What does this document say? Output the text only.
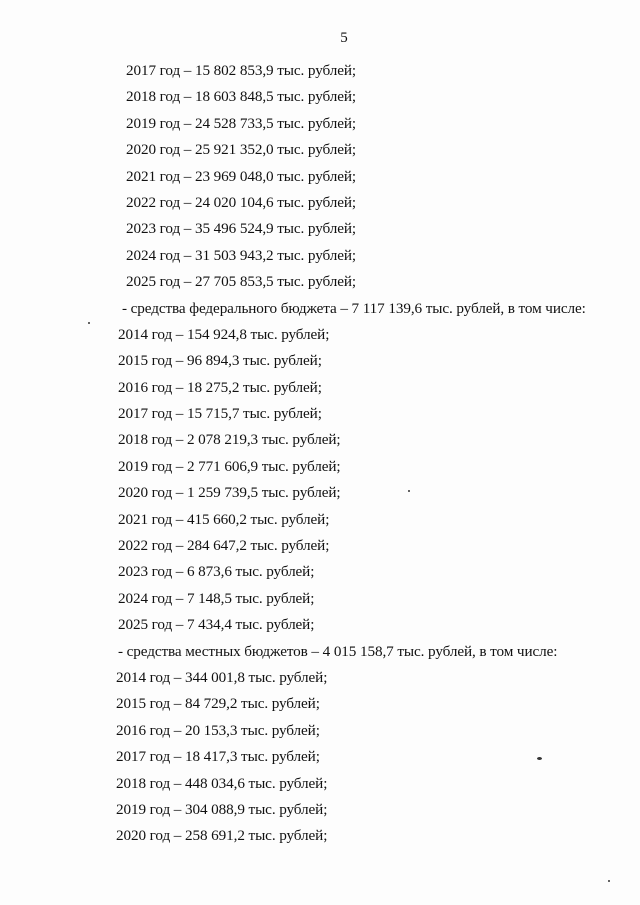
5
2017 год – 15 802 853,9 тыс. рублей;
2018 год – 18 603 848,5 тыс. рублей;
2019 год – 24 528 733,5 тыс. рублей;
2020 год – 25 921 352,0 тыс. рублей;
2021 год – 23 969 048,0 тыс. рублей;
2022 год – 24 020 104,6 тыс. рублей;
2023 год – 35 496 524,9 тыс. рублей;
2024 год – 31 503 943,2 тыс. рублей;
2025 год – 27 705 853,5 тыс. рублей;
- средства федерального бюджета – 7 117 139,6 тыс. рублей, в том числе:
2014 год – 154 924,8 тыс. рублей;
2015 год – 96 894,3 тыс. рублей;
2016 год – 18 275,2 тыс. рублей;
2017 год – 15 715,7 тыс. рублей;
2018 год – 2 078 219,3 тыс. рублей;
2019 год – 2 771 606,9 тыс. рублей;
2020 год – 1 259 739,5 тыс. рублей;
2021 год – 415 660,2 тыс. рублей;
2022 год – 284 647,2 тыс. рублей;
2023 год – 6 873,6 тыс. рублей;
2024 год – 7 148,5 тыс. рублей;
2025 год – 7 434,4 тыс. рублей;
- средства местных бюджетов – 4 015 158,7 тыс. рублей, в том числе:
2014 год – 344 001,8 тыс. рублей;
2015 год – 84 729,2 тыс. рублей;
2016 год – 20 153,3 тыс. рублей;
2017 год – 18 417,3 тыс. рублей;
2018 год – 448 034,6 тыс. рублей;
2019 год – 304 088,9 тыс. рублей;
2020 год – 258 691,2 тыс. рублей;
